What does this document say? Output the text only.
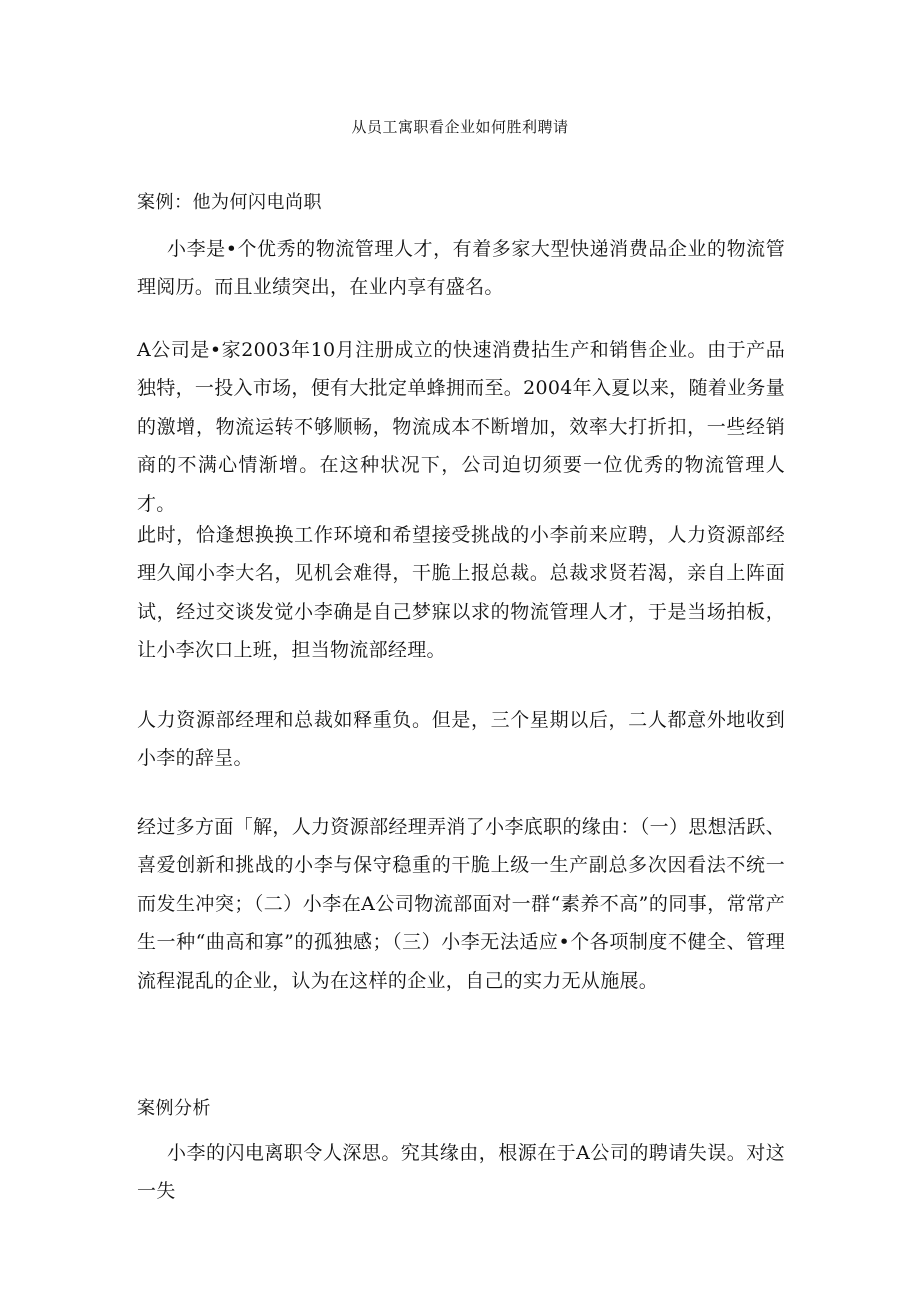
从员工寓职看企业如何胜利聘请
案例：他为何闪电尚职

小李是•个优秀的物流管理人才，有着多家大型快递消费品企业的物流管理阅历。而且业绩突出，在业内享有盛名。

A公司是•家2003年10月注册成立的快速消费拈生产和销售企业。由于产品独特，一投入市场，便有大批定单蜂拥而至。2004年入夏以来，随着业务量的激增，物流运转不够顺畅，物流成本不断增加，效率大打折扣，一些经销商的不满心情渐增。在这种状况下，公司迫切须要一位优秀的物流管理人才。

此时，恰逢想换换工作环境和希望接受挑战的小李前来应聘，人力资源部经理久闻小李大名，见机会难得，干脆上报总裁。总裁求贤若渴，亲自上阵面试，经过交谈发觉小李确是自己梦寐以求的物流管理人才，于是当场拍板，让小李次口上班，担当物流部经理。

人力资源部经理和总裁如释重负。但是，三个星期以后，二人都意外地收到小李的辞呈。

经过多方面「解，人力资源部经理弄消了小李底职的缘由：（一）思想活跃、喜爱创新和挑战的小李与保守稳重的干脆上级一生产副总多次因看法不统一而发生冲突；（二）小李在A公司物流部面对一群“素养不高”的同事，常常产生一种“曲高和寡”的孤独感；（三）小李无法适应•个各项制度不健全、管理流程混乱的企业，认为在这样的企业，自己的实力无从施展。

案例分析

小李的闪电离职令人深思。究其缘由，根源在于A公司的聘请失误。对这一失
